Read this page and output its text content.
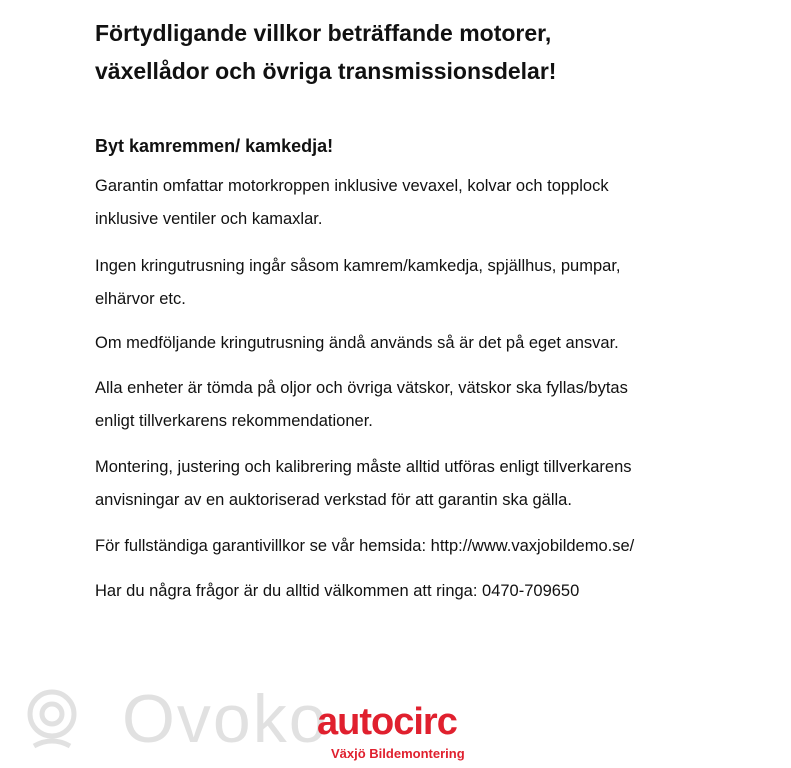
Förtydligande villkor beträffande motorer,
växellådor och övriga transmissionsdelar!
Byt kamremmen/ kamkedja!

Garantin omfattar motorkroppen inklusive vevaxel, kolvar och topplock
inklusive ventiler och kamaxlar.

Ingen kringutrusning ingår såsom kamrem/kamkedja, spjällhus, pumpar,
elhärvor etc.

Om medföljande kringutrusning ändå används så är det på eget ansvar.

Alla enheter är tömda på oljor och övriga vätskor, vätskor ska fyllas/bytas
enligt tillverkarens rekommendationer.

Montering, justering och kalibrering måste alltid utföras enligt tillverkarens
anvisningar av en auktoriserad verkstad för att garantin ska gälla.

För fullständiga garantivillkor se vår hemsida: http://www.vaxjobildemo.se/

Har du några frågor är du alltid välkommen att ringa: 0470-709650

Ovoko
autocirc
Växjö Bildemontering
